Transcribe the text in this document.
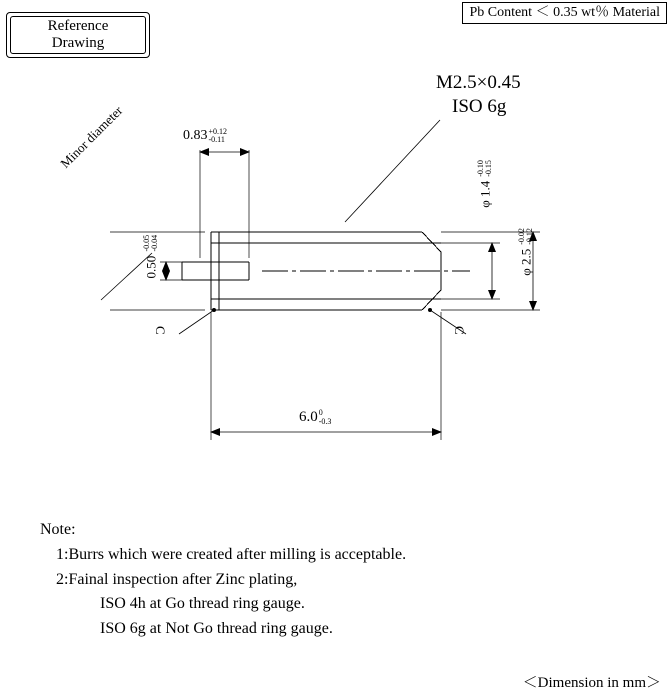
Pb Content ＜ 0.35 wt％ Material
Reference
Drawing
M2.5×0.45
ISO 6g
Minor diameter	0.83 +0.12
-0.11
0.50
-0.05 -0.04
φ 1.4
-0.10 -0.15
φ 2.5
-0.02 -0.12
6.0 0
-0.3
C	C
Note:
1:Burrs which were created after milling is acceptable.
2:Fainal inspection after Zinc plating,
ISO 4h at Go thread ring gauge.
ISO 6g at Not Go thread ring gauge.
＜Dimension in mm＞
